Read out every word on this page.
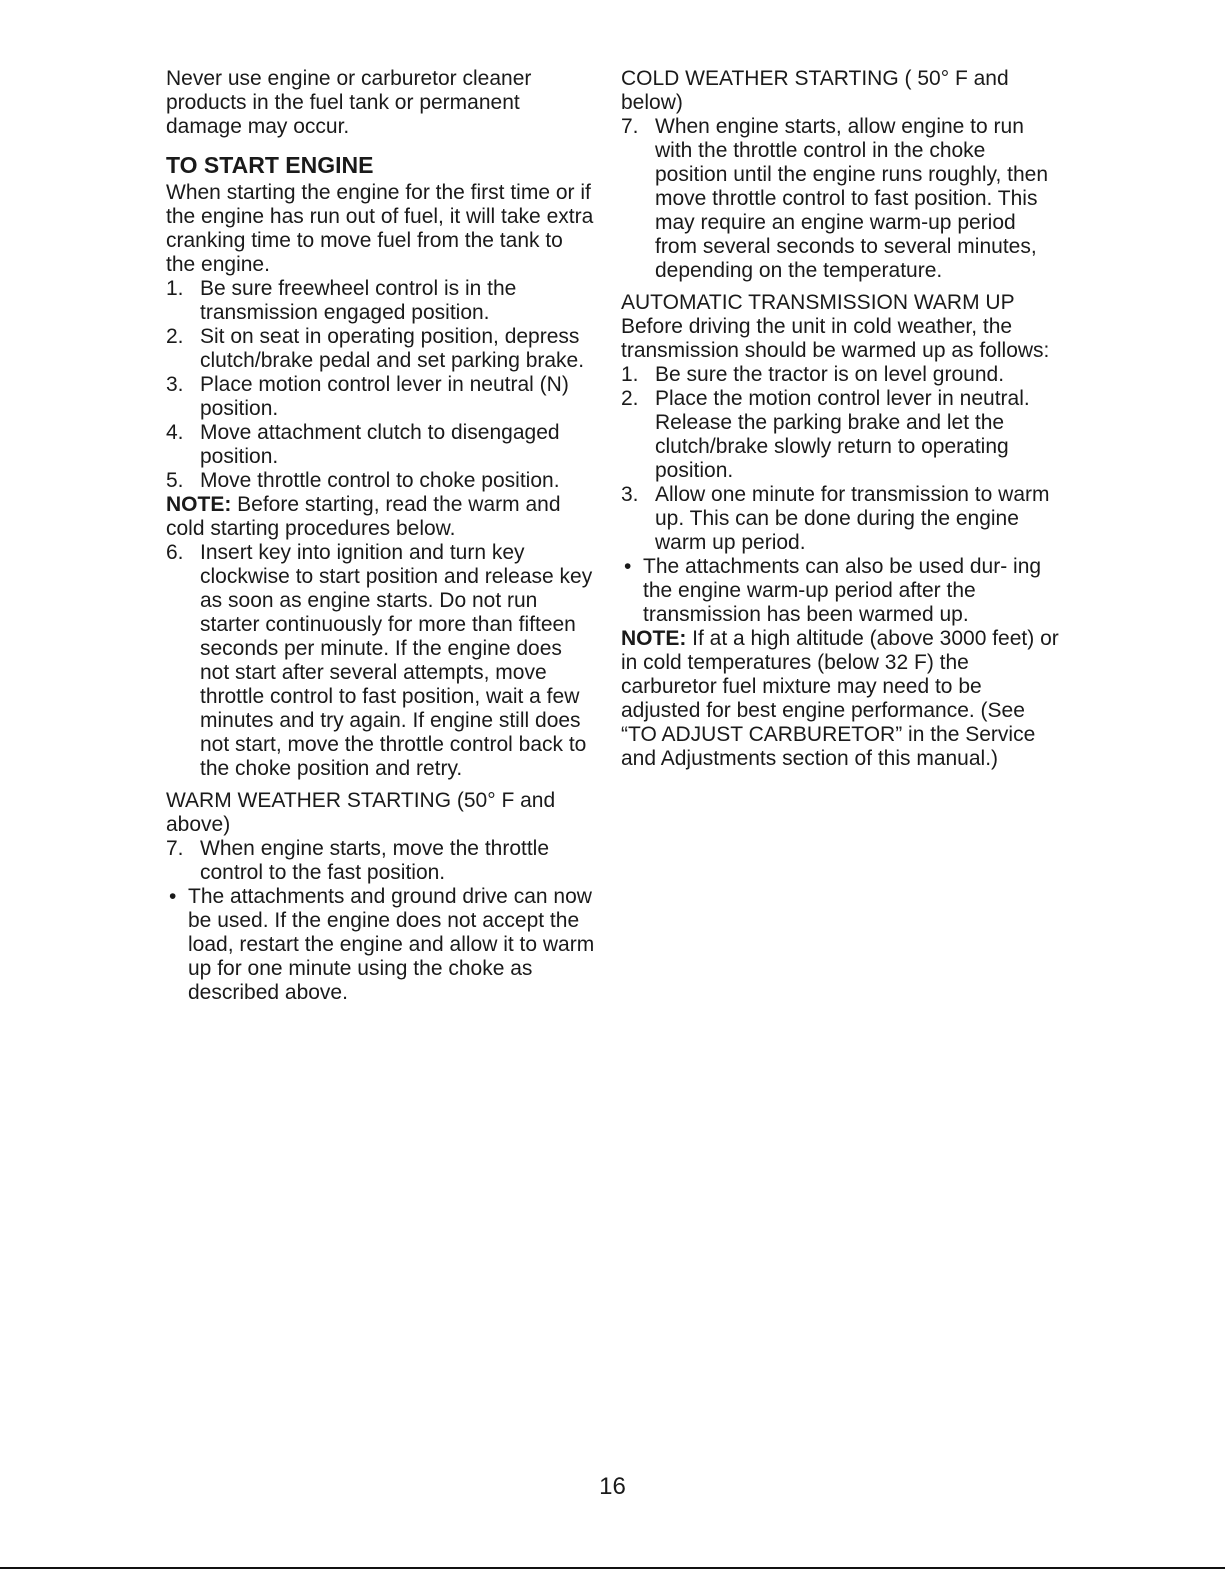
Never use engine or carburetor cleaner products in the fuel tank or permanent damage may occur.

TO START ENGINE

When starting the engine for the first time or if the engine has run out of fuel, it will take extra cranking time to move fuel from the tank to the engine.

1. Be sure freewheel control is in the transmission engaged position.
2. Sit on seat in operating position, depress clutch/brake pedal and set parking brake.
3. Place motion control lever in neutral (N) position.
4. Move attachment clutch to disengaged position.
5. Move throttle control to choke position.

NOTE: Before starting, read the warm and cold starting procedures below.

6. Insert key into ignition and turn key clockwise to start position and release key as soon as engine starts. Do not run starter continuously for more than fifteen seconds per minute. If the engine does not start after several attempts, move throttle control to fast position, wait a few minutes and try again. If engine still does not start, move the throttle control back to the choke position and retry.

WARM WEATHER STARTING (50° F and above)

7. When engine starts, move the throttle control to the fast position.
• The attachments and ground drive can now be used. If the engine does not accept the load, restart the engine and allow it to warm up for one minute using the choke as described above.

COLD WEATHER STARTING ( 50° F and below)

7. When engine starts, allow engine to run with the throttle control in the choke position until the engine runs roughly, then move throttle control to fast position. This may require an engine warm-up period from several seconds to several minutes, depending on the temperature.

AUTOMATIC TRANSMISSION WARM UP

Before driving the unit in cold weather, the transmission should be warmed up as follows:

1. Be sure the tractor is on level ground.
2. Place the motion control lever in neutral. Release the parking brake and let the clutch/brake slowly return to operating position.
3. Allow one minute for transmission to warm up. This can be done during the engine warm up period.
• The attachments can also be used dur- ing the engine warm-up period after the transmission has been warmed up.

NOTE: If at a high altitude (above 3000 feet) or in cold temperatures (below 32 F) the carburetor fuel mixture may need to be adjusted for best engine performance. (See “TO ADJUST CARBURETOR” in the Service and Adjustments section of this manual.)

16
